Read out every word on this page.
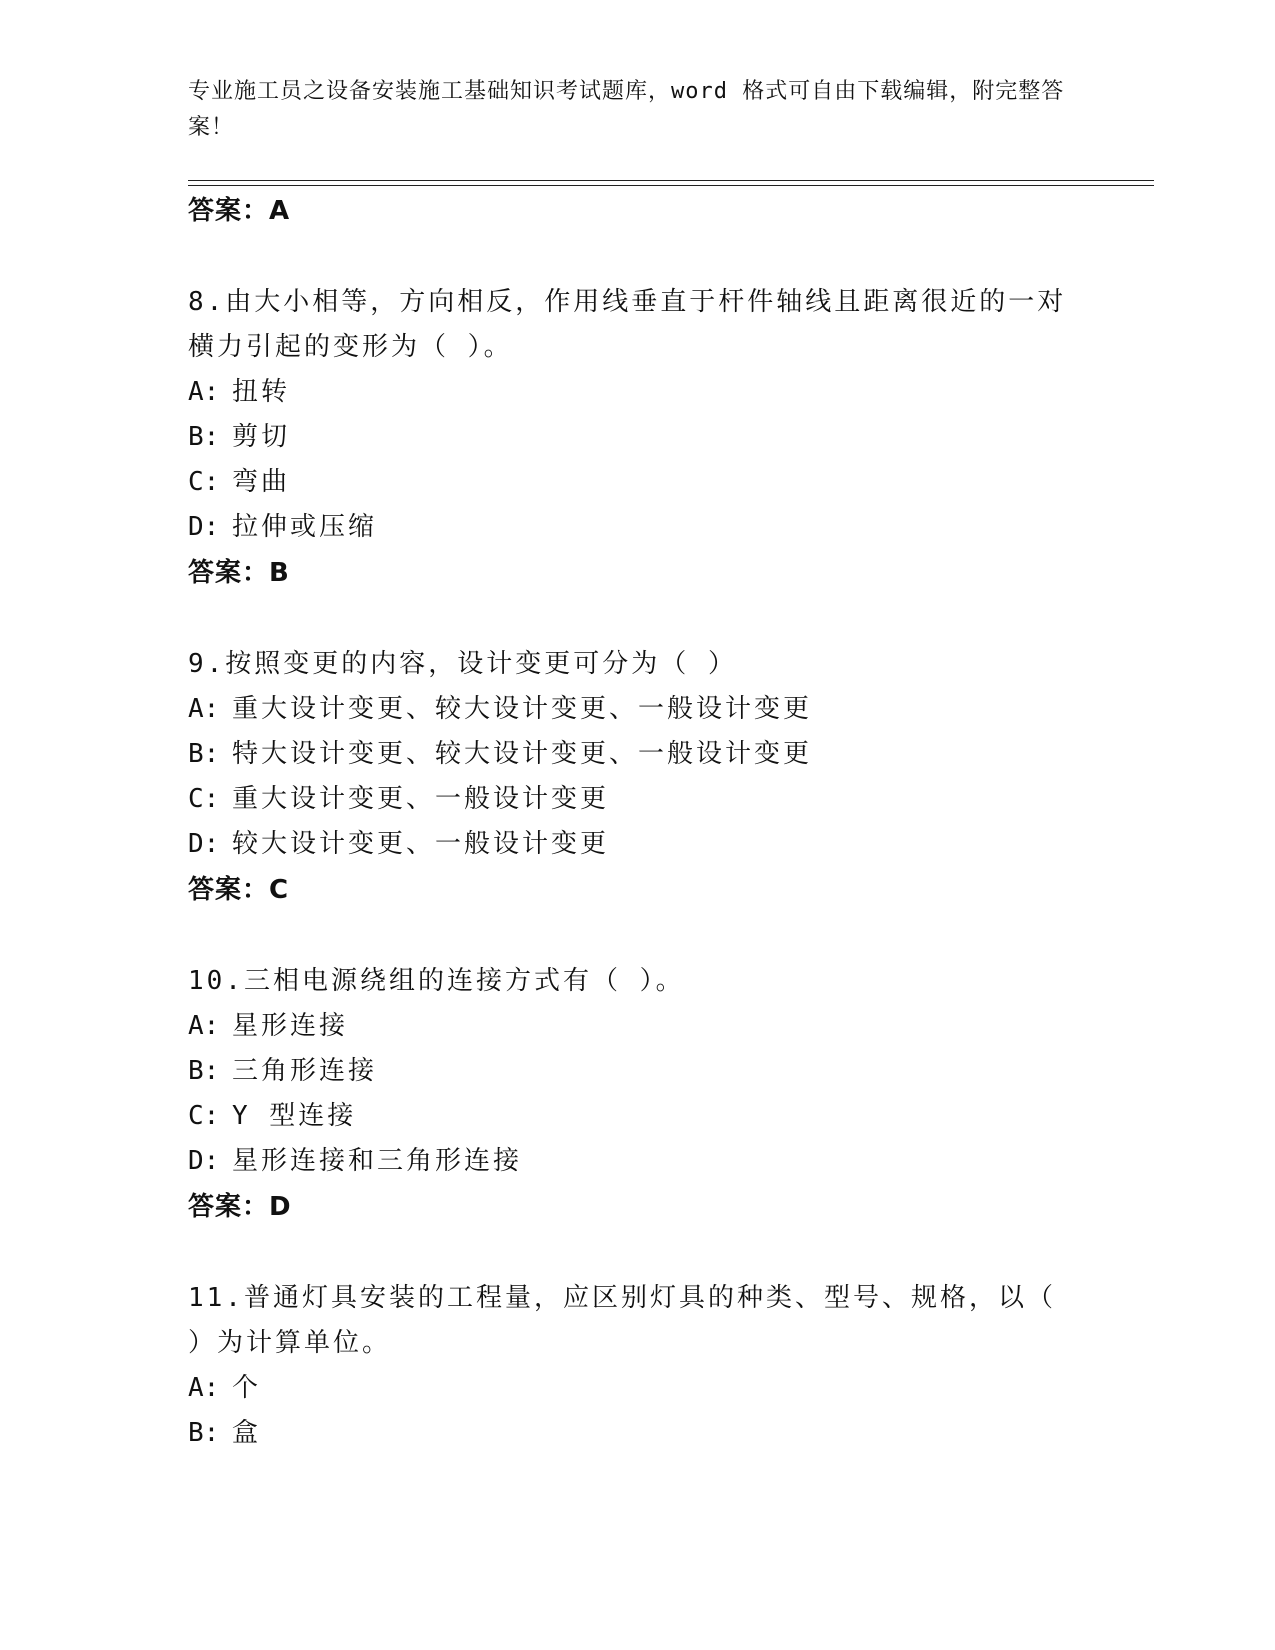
专业施工员之设备安装施工基础知识考试题库，word 格式可自由下载编辑，附完整答案！
答案：A
8.由大小相等，方向相反，作用线垂直于杆件轴线且距离很近的一对横力引起的变形为（ ）。
A: 扭转
B: 剪切
C: 弯曲
D: 拉伸或压缩
答案：B
9.按照变更的内容，设计变更可分为（ ）
A: 重大设计变更、较大设计变更、一般设计变更
B: 特大设计变更、较大设计变更、一般设计变更
C: 重大设计变更、一般设计变更
D: 较大设计变更、一般设计变更
答案：C
10.三相电源绕组的连接方式有（ ）。
A: 星形连接
B: 三角形连接
C: Y 型连接
D: 星形连接和三角形连接
答案：D
11.普通灯具安装的工程量，应区别灯具的种类、型号、规格，以（ ）为计算单位。
A: 个
B: 盒
